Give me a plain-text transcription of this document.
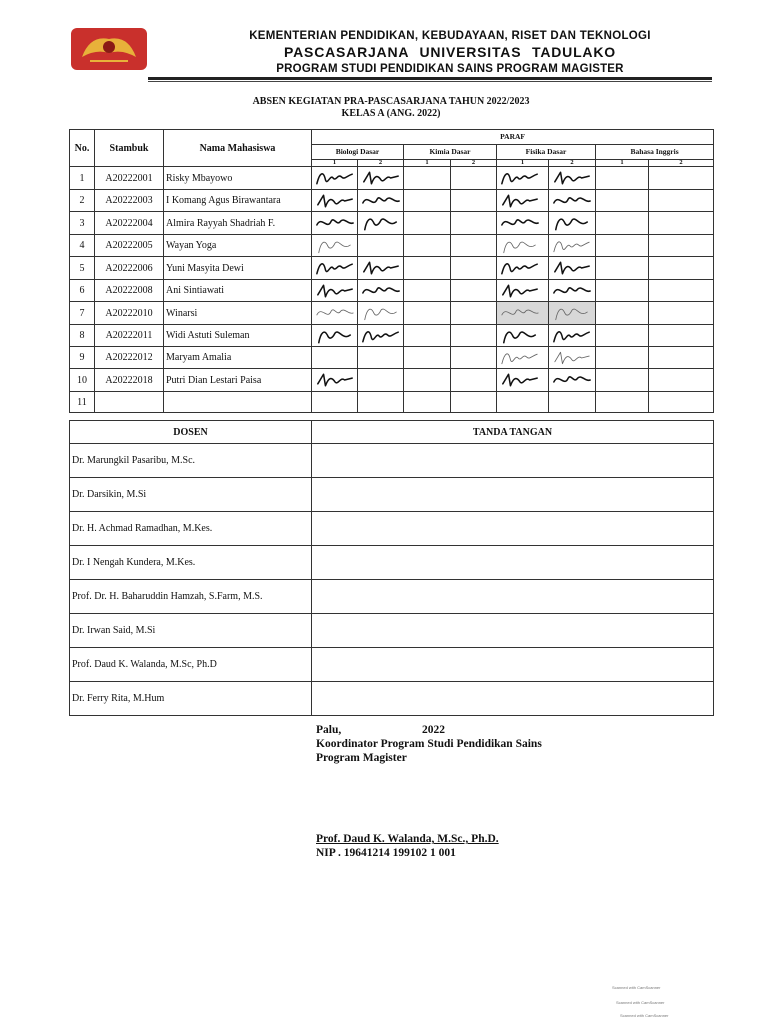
KEMENTERIAN PENDIDIKAN, KEBUDAYAAN, RISET DAN TEKNOLOGI
PASCASARJANA UNIVERSITAS TADULAKO
PROGRAM STUDI PENDIDIKAN SAINS PROGRAM MAGISTER
ABSEN KEGIATAN PRA-PASCASARJANA TAHUN 2022/2023
KELAS A (ANG. 2022)
No.	Stambuk	Nama Mahasiswa	PARAF							
			Biologi Dasar		Kimia Dasar		Fisika Dasar		Bahasa Inggris	
			1	2	1	2	1	2	1	2
1	A20222001	Risky Mbayowo	

2	A20222003	I Komang Agus Birawantara	

3	A20222004	Almira Rayyah Shadriah F.	

4	A20222005	Wayan Yoga	

5	A20222006	Yuni Masyita Dewi	

6	A20222008	Ani Sintiawati	

7	A20222010	Winarsi	

8	A20222011	Widi Astuti Suleman	

9	A20222012	Maryam Amalia					

10	A20222018	Putri Dian Lestari Paisa	

11										
DOSEN	TANDA TANGAN
Dr. Marungkil Pasaribu, M.Sc.	
Dr. Darsikin, M.Si	
Dr. H. Achmad Ramadhan, M.Kes.	
Dr. I Nengah Kundera, M.Kes.	
Prof. Dr. H. Baharuddin Hamzah, S.Farm, M.S.	
Dr. Irwan Said, M.Si	
Prof. Daud K. Walanda, M.Sc, Ph.D	
Dr. Ferry Rita, M.Hum	
Palu,	2022
Koordinator Program Studi Pendidikan Sains
Program Magister
Prof. Daud K. Walanda, M.Sc., Ph.D.
NIP . 19641214 199102 1 001
Scanned with CamScanner
Scanned with CamScanner
Scanned with CamScanner
